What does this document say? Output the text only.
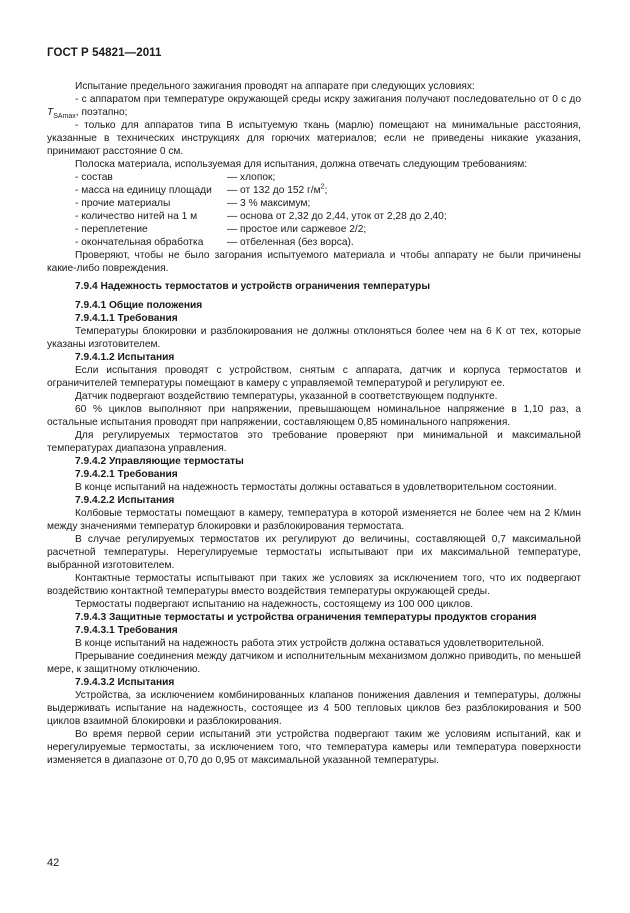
ГОСТ Р 54821—2011

Испытание предельного зажигания проводят на аппарате при следующих условиях:

- с аппаратом при температуре окружающей среды искру зажигания получают последовательно от 0 с до $T_{SAmax}$, поэтапно;

- только для аппаратов типа В испытуемую ткань (марлю) помещают на минимальные расстояния, указанные в технических инструкциях для горючих материалов; если не приведены никакие указания, принимают расстояние 0 см.

Полоска материала, используемая для испытания, должна отвечать следующим требованиям:

- состав	— хлопок;
- масса на единицу площади	— от 132 до 152 $г/м^2$;
- прочие материалы	— 3 % максимум;
- количество нитей на 1 м	— основа от 2,32 до 2,44, уток от 2,28 до 2,40;
- переплетение	— простое или саржевое 2/2;
- окончательная обработка	— отбеленная (без ворса).

Проверяют, чтобы не было загорания испытуемого материала и чтобы аппарату не были причинены какие-либо повреждения.

7.9.4 Надежность термостатов и устройств ограничения температуры

7.9.4.1 Общие положения

7.9.4.1.1 Требования

Температуры блокировки и разблокирования не должны отклоняться более чем на 6 К от тех, которые указаны изготовителем.

7.9.4.1.2 Испытания

Если испытания проводят с устройством, снятым с аппарата, датчик и корпуса термостатов и ограничителей температуры помещают в камеру с управляемой температурой и регулируют ее.

Датчик подвергают воздействию температуры, указанной в соответствующем подпункте.

60 % циклов выполняют при напряжении, превышающем номинальное напряжение в 1,10 раз, а остальные испытания проводят при напряжении, составляющем 0,85 номинального напряжения.

Для регулируемых термостатов это требование проверяют при минимальной и максимальной температурах диапазона управления.

7.9.4.2 Управляющие термостаты

7.9.4.2.1 Требования

В конце испытаний на надежность термостаты должны оставаться в удовлетворительном состоянии.

7.9.4.2.2 Испытания

Колбовые термостаты помещают в камеру, температура в которой изменяется не более чем на 2 К/мин между значениями температур блокировки и разблокирования термостата.

В случае регулируемых термостатов их регулируют до величины, составляющей 0,7 максимальной расчетной температуры. Нерегулируемые термостаты испытывают при их максимальной температуре, выбранной изготовителем.

Контактные термостаты испытывают при таких же условиях за исключением того, что их подвергают воздействию контактной температуры вместо воздействия температуры окружающей среды.

Термостаты подвергают испытанию на надежность, состоящему из 100 000 циклов.

7.9.4.3 Защитные термостаты и устройства ограничения температуры продуктов сгорания

7.9.4.3.1 Требования

В конце испытаний на надежность работа этих устройств должна оставаться удовлетворительной.

Прерывание соединения между датчиком и исполнительным механизмом должно приводить, по меньшей мере, к защитному отключению.

7.9.4.3.2 Испытания

Устройства, за исключением комбинированных клапанов понижения давления и температуры, должны выдерживать испытание на надежность, состоящее из 4 500 тепловых циклов без разблокирования и 500 циклов взаимной блокировки и разблокирования.

Во время первой серии испытаний эти устройства подвергают таким же условиям испытаний, как и нерегулируемые термостаты, за исключением того, что температура камеры или температура поверхности изменяется в диапазоне от 0,70 до 0,95 от максимальной указанной температуры.

42
